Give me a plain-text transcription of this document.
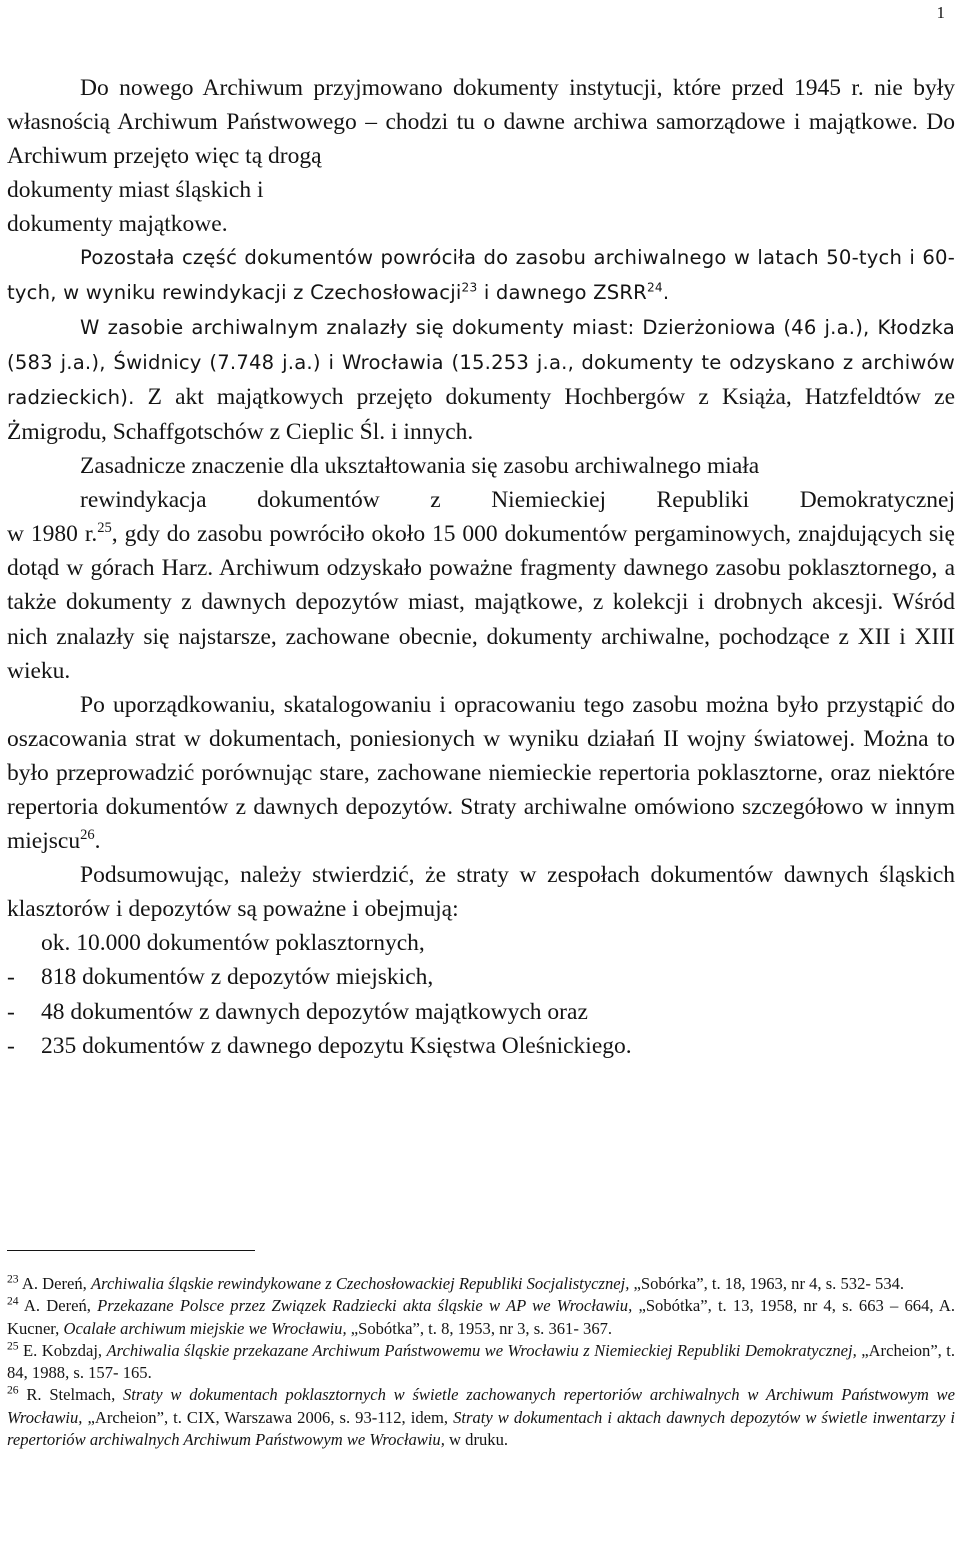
1

Do nowego Archiwum przyjmowano dokumenty instytucji, które przed 1945 r. nie były własnością Archiwum Państwowego – chodzi tu o dawne archiwa samorządowe i majątkowe. Do Archiwum przejęto więc tą drogą
dokumenty miast śląskich i
dokumenty majątkowe.

Pozostała część dokumentów powróciła do zasobu archiwalnego w latach 50-tych i 60-tych, w wyniku rewindykacji z Czechosłowacji$^{23}$ i dawnego ZSRR$^{24}$.

W zasobie archiwalnym znalazły się dokumenty miast: Dzierżoniowa (46 j.a.), Kłodzka (583 j.a.), Świdnicy (7.748 j.a.) i Wrocławia (15.253 j.a., dokumenty te odzyskano z archiwów radzieckich). Z akt majątkowych przejęto dokumenty Hochbergów z Książa, Hatzfeldtów ze Żmigrodu, Schaffgotschów z Cieplic Śl. i innych.

Zasadnicze znaczenie dla ukształtowania się zasobu archiwalnego miała

rewindykacja dokumentów z Niemieckiej Republiki Demokratycznej
w 1980 r.$^{25}$, gdy do zasobu powróciło około 15 000 dokumentów pergaminowych, znajdujących się dotąd w górach Harz. Archiwum odzyskało poważne fragmenty dawnego zasobu poklasztornego, a także dokumenty z dawnych depozytów miast, majątkowe, z kolekcji i drobnych akcesji. Wśród nich znalazły się najstarsze, zachowane obecnie, dokumenty archiwalne, pochodzące z XII i XIII wieku.

Po uporządkowaniu, skatalogowaniu i opracowaniu tego zasobu można było przystąpić do oszacowania strat w dokumentach, poniesionych w wyniku działań II wojny światowej. Można to było przeprowadzić porównując stare, zachowane niemieckie repertoria poklasztorne, oraz niektóre repertoria dokumentów z dawnych depozytów. Straty archiwalne omówiono szczegółowo w innym miejscu$^{26}$.

Podsumowując, należy stwierdzić, że straty w zespołach dokumentów dawnych śląskich klasztorów i depozytów są poważne i obejmują:

ok. 10.000 dokumentów poklasztornych,
- 818 dokumentów z depozytów miejskich,
- 48 dokumentów z dawnych depozytów majątkowych oraz
- 235 dokumentów z dawnego depozytu Księstwa Oleśnickiego.

$^{23}$ A. Dereń, Archiwalia śląskie rewindykowane z Czechosłowackiej Republiki Socjalistycznej, „Sobórka”, t. 18, 1963, nr 4, s. 532- 534.

$^{24}$ A. Dereń, Przekazane Polsce przez Związek Radziecki akta śląskie w AP we Wrocławiu, „Sobótka”, t. 13, 1958, nr 4, s. 663 – 664, A. Kucner, Ocalałe archiwum miejskie we Wrocławiu, „Sobótka”, t. 8, 1953, nr 3, s. 361- 367.

$^{25}$ E. Kobzdaj, Archiwalia śląskie przekazane Archiwum Państwowemu we Wrocławiu z Niemieckiej Republiki Demokratycznej, „Archeion”, t. 84, 1988, s. 157- 165.

$^{26}$ R. Stelmach, Straty w dokumentach poklasztornych w świetle zachowanych repertoriów archiwalnych w Archiwum Państwowym we Wrocławiu, „Archeion”, t. CIX, Warszawa 2006, s. 93-112, idem, Straty w dokumentach i aktach dawnych depozytów w świetle inwentarzy i repertoriów archiwalnych Archiwum Państwowym we Wrocławiu, w druku.
